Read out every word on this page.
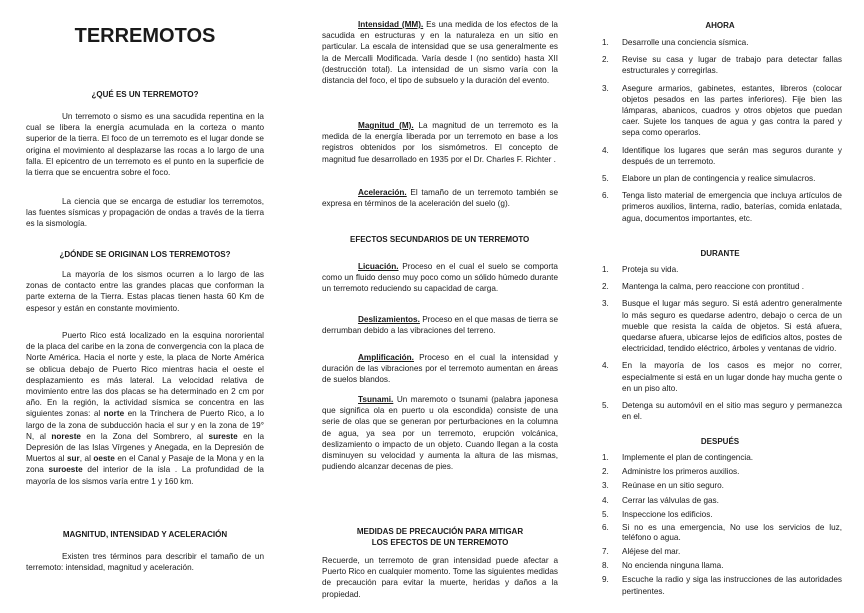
TERREMOTOS
¿QUÉ ES UN TERREMOTO?

Un terremoto o sismo es una sacudida repentina en la cual se libera la energía acumulada en la corteza o manto superior de la tierra. El foco de un terremoto es el lugar donde se origina el movimiento al desplazarse las rocas a lo largo de una falla. El epicentro de un terremoto es el punto en la superficie de la tierra que se encuentra sobre el foco.

La ciencia que se encarga de estudiar los terremotos, las fuentes sísmicas y propagación de ondas a través de la tierra es la sismología.

¿DÓNDE SE ORIGINAN LOS TERREMOTOS?

La mayoría de los sismos ocurren a lo largo de las zonas de contacto entre las grandes placas que conforman la parte externa de la Tierra. Estas placas tienen hasta 60 Km de espesor y están en constante movimiento.

Puerto Rico está localizado en la esquina nororiental de la placa del caribe en la zona de convergencia con la placa de Norte América. Hacia el norte y este, la placa de Norte América se oblicua debajo de Puerto Rico mientras hacia el oeste el desplazamiento es más lateral. La velocidad relativa de movimiento entre las dos placas se ha determinado en 2 cm por año. En la región, la actividad sísmica se concentra en las siguientes zonas: al norte en la Trinchera de Puerto Rico, a lo largo de la zona de subducción hacia el sur y en la zona de 19° N, al noreste en la Zona del Sombrero, al sureste en la Depresión de las Islas Vírgenes y Anegada, en la Depresión de Muertos al sur, al oeste en el Canal y Pasaje de la Mona y en la zona suroeste del interior de la isla . La profundidad de la mayoría de los sismos varía entre 1 y 160 km.

MAGNITUD, INTENSIDAD Y ACELERACIÓN

Existen tres términos para describir el tamaño de un terremoto: intensidad, magnitud y aceleración.

Intensidad (MM). Es una medida de los efectos de la sacudida en estructuras y en la naturaleza en un sitio en particular. La escala de intensidad que se usa generalmente es la de Mercalli Modificada. Varía desde I (no sentido) hasta XII (destrucción total). La intensidad de un sismo varía con la distancia del foco, el tipo de subsuelo y la duración del evento.

Magnitud (M). La magnitud de un terremoto es la medida de la energía liberada por un terremoto en base a los registros obtenidos por los sismómetros. El concepto de magnitud fue desarrollado en 1935 por el Dr. Charles F. Richter .

Aceleración. El tamaño de un terremoto también se expresa en términos de la aceleración del suelo (g).

EFECTOS SECUNDARIOS DE UN TERREMOTO

Licuación. Proceso en el cual el suelo se comporta como un fluido denso muy poco como un sólido húmedo durante un terremoto reduciendo su capacidad de carga.

Deslizamientos. Proceso en el que masas de tierra se derrumban debido a las vibraciones del terreno.

Amplificación. Proceso en el cual la intensidad y duración de las vibraciones por el terremoto aumentan en áreas de suelos blandos.

Tsunami. Un maremoto o tsunami (palabra japonesa que significa ola en puerto u ola escondida) consiste de una serie de olas que se generan por perturbaciones en la columna de agua, ya sea por un terremoto, erupción volcánica, deslizamiento o impacto de un objeto. Cuando llegan a la costa disminuyen su velocidad y aumenta la altura de las mismas, pudiendo alcanzar decenas de pies.

MEDIDAS DE PRECAUCIÓN PARA MITIGAR
LOS EFECTOS DE UN TERREMOTO

Recuerde, un terremoto de gran intensidad puede afectar a Puerto Rico en cualquier momento. Tome las siguientes medidas de precaución para evitar la muerte, heridas y daños a la propiedad.

AHORA
1. Desarrolle una conciencia sísmica.
2. Revise su casa y lugar de trabajo para detectar fallas estructurales y corregirlas.
3. Asegure armarios, gabinetes, estantes, libreros (colocar objetos pesados en las partes inferiores). Fije bien las lámparas, abanicos, cuadros y otros objetos que puedan caer. Sujete los tanques de agua y gas contra la pared y sepa como operarlos.
4. Identifique los lugares que serán mas seguros durante y después de un terremoto.
5. Elabore un plan de contingencia y realice simulacros.
6. Tenga listo material de emergencia que incluya artículos de primeros auxilios, linterna, radio, baterías, comida enlatada, agua, documentos importantes, etc.
DURANTE
1. Proteja su vida.
2. Mantenga la calma, pero reaccione con prontitud .
3. Busque el lugar más seguro. Si está adentro generalmente lo más seguro es quedarse adentro, debajo o cerca de un mueble que resista la caída de objetos. Si está afuera, quedarse afuera, ubicarse lejos de edificios altos, postes de electricidad, tendido eléctrico, árboles y ventanas de vidrio.
4. En la mayoría de los casos es mejor no correr, especialmente si está en un lugar donde hay mucha gente o en un piso alto.
5. Detenga su automóvil en el sitio mas seguro y permanezca en el.
DESPUÉS
1. Implemente el plan de contingencia.
2. Administre los primeros auxilios.
3. Reúnase en un sitio seguro.
4. Cerrar las válvulas de gas.
5. Inspeccione los edificios.
6. Si no es una emergencia, No use los servicios de luz, teléfono o agua.
7. Aléjese del mar.
8. No encienda ninguna llama.
9. Escuche la radio y siga las instrucciones de las autoridades pertinentes.
